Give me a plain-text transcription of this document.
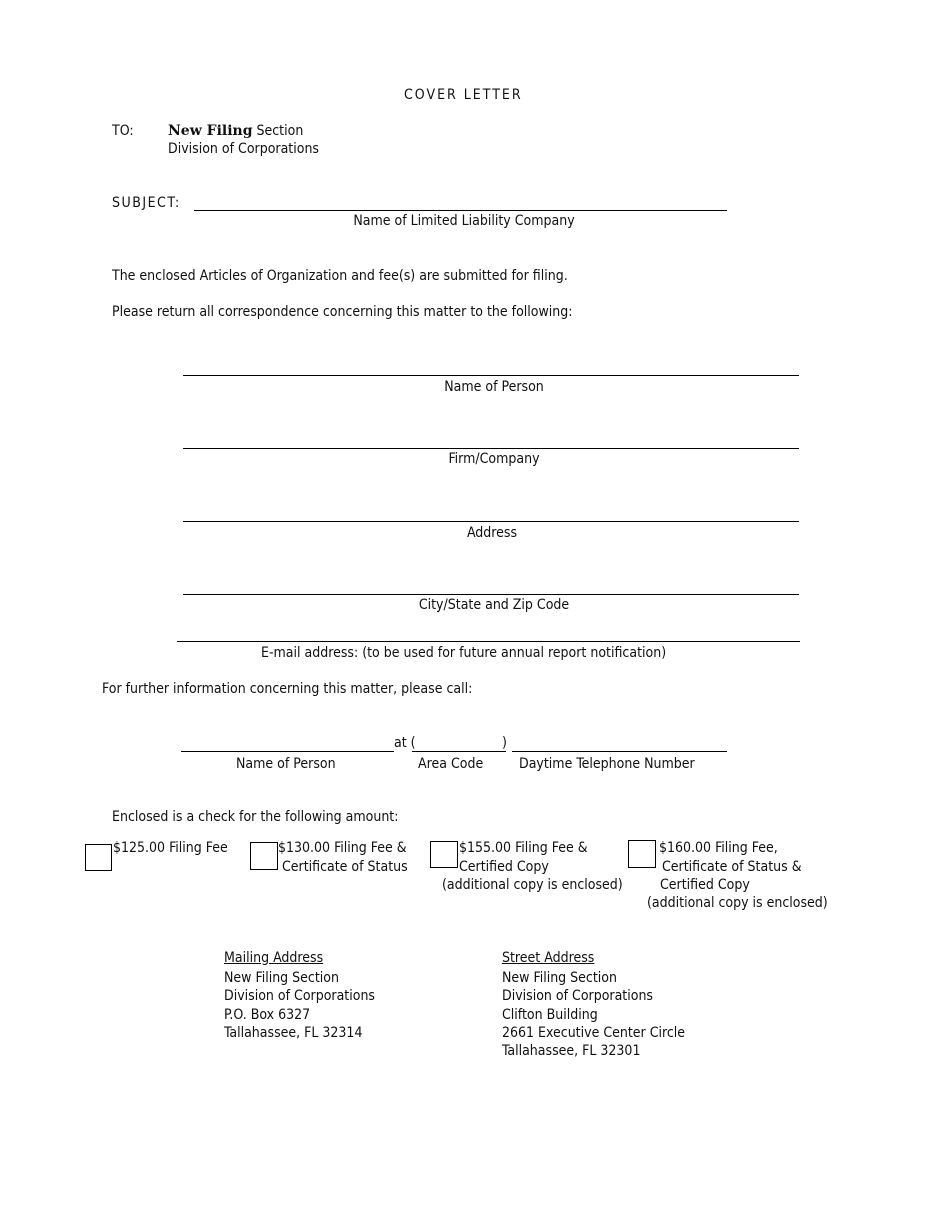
COVER LETTER
TO: New Filing Section
Division of Corporations
SUBJECT:
Name of Limited Liability Company
The enclosed Articles of Organization and fee(s) are submitted for filing.
Please return all correspondence concerning this matter to the following:
Name of Person
Firm/Company
Address
City/State and Zip Code
E-mail address: (to be used for future annual report notification)
For further information concerning this matter, please call:
at (	)
Name of Person	Area Code	Daytime Telephone Number
Enclosed is a check for the following amount:
$125.00 Filing Fee	$130.00 Filing Fee &
Certificate of Status
$155.00 Filing Fee &
Certified Copy
(additional copy is enclosed)
$160.00 Filing Fee,
Certificate of Status &
Certified Copy
(additional copy is enclosed)
Mailing Address
New Filing Section
Division of Corporations
P.O. Box 6327
Tallahassee, FL 32314
Street Address
New Filing Section
Division of Corporations
Clifton Building
2661 Executive Center Circle
Tallahassee, FL 32301
